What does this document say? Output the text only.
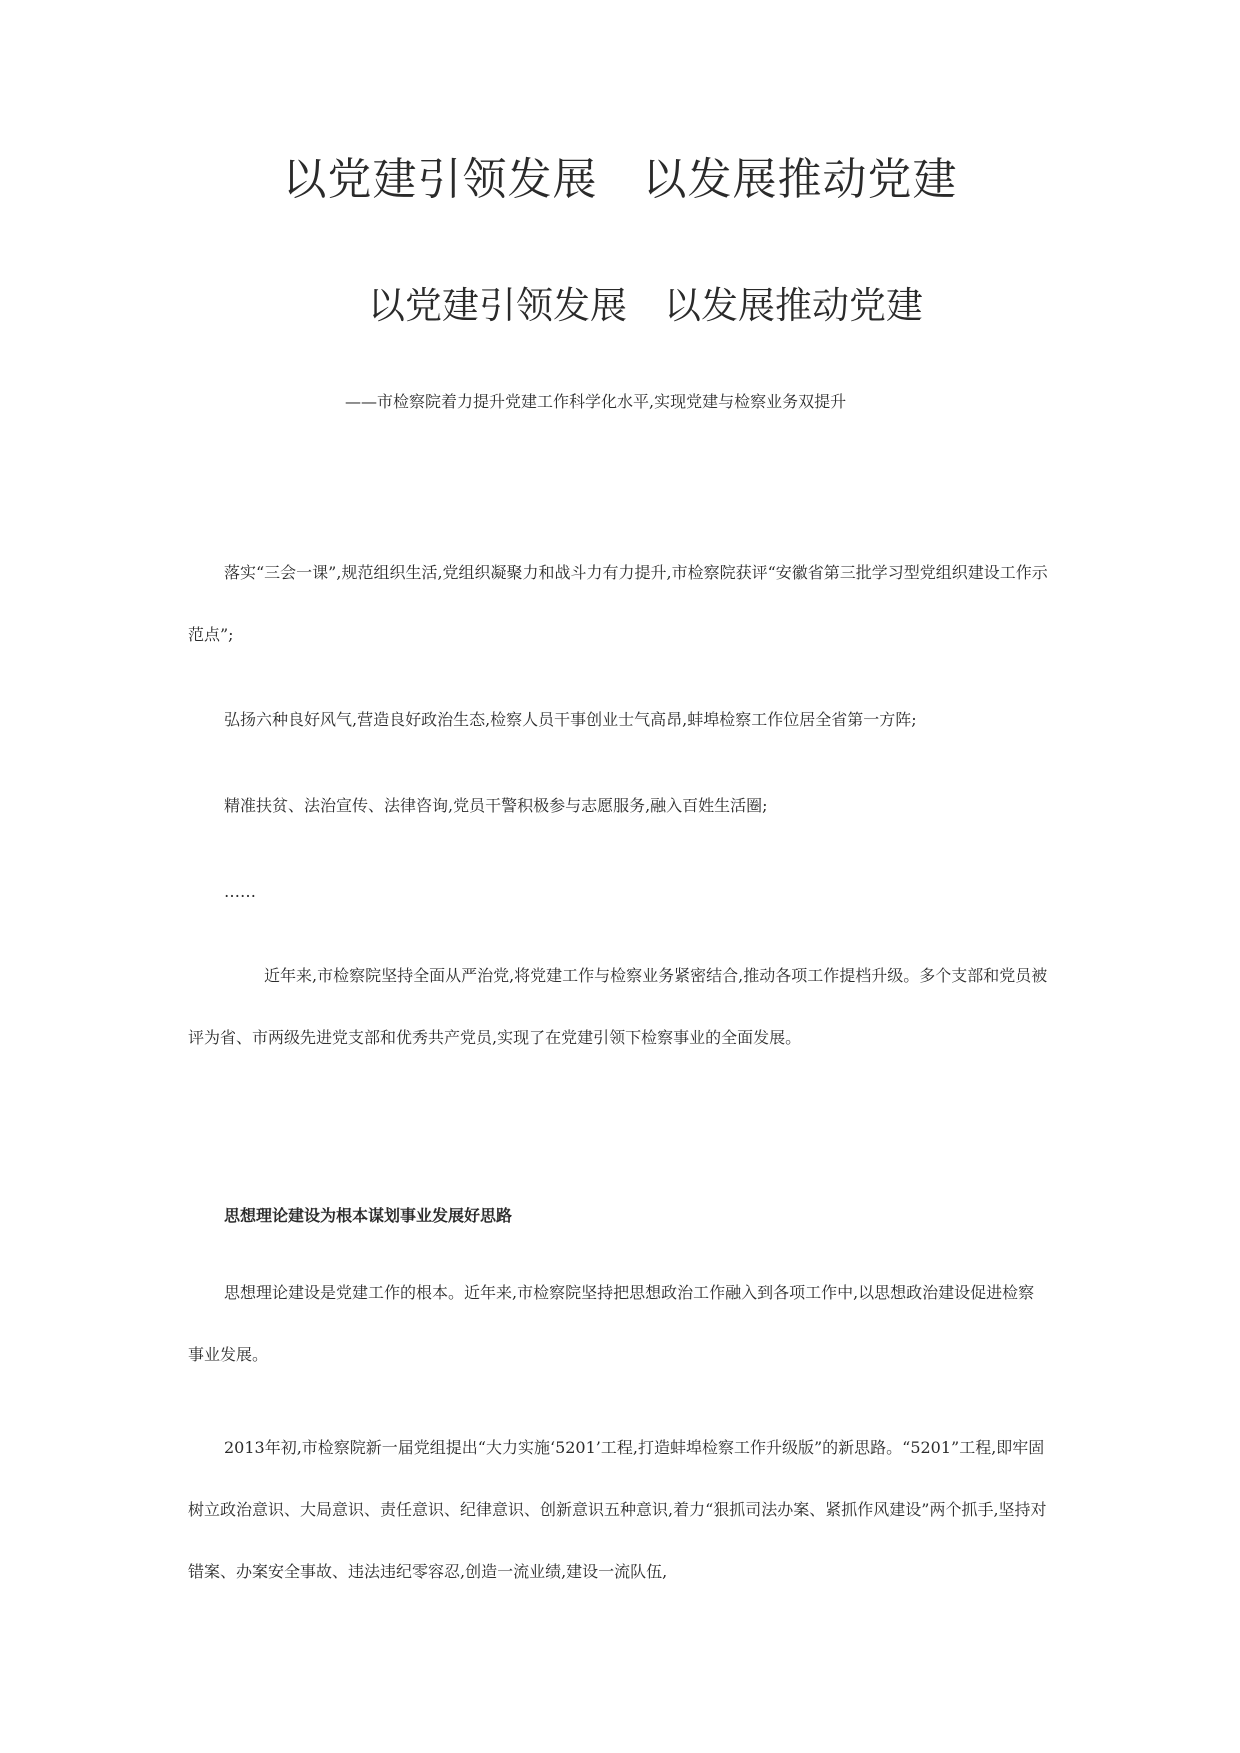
以党建引领发展　以发展推动党建
以党建引领发展　以发展推动党建
——市检察院着力提升党建工作科学化水平,实现党建与检察业务双提升

落实“三会一课”,规范组织生活,党组织凝聚力和战斗力有力提升,市检察院获评“安徽省第三批学习型党组织建设工作示范点”;

弘扬六种良好风气,营造良好政治生态,检察人员干事创业士气高昂,蚌埠检察工作位居全省第一方阵;
精准扶贫、法治宣传、法律咨询,党员干警积极参与志愿服务,融入百姓生活圈;
……

近年来,市检察院坚持全面从严治党,将党建工作与检察业务紧密结合,推动各项工作提档升级。多个支部和党员被评为省、市两级先进党支部和优秀共产党员,实现了在党建引领下检察事业的全面发展。

思想理论建设为根本谋划事业发展好思路

思想理论建设是党建工作的根本。近年来,市检察院坚持把思想政治工作融入到各项工作中,以思想政治建设促进检察事业发展。

2013年初,市检察院新一届党组提出“大力实施‘5201’工程,打造蚌埠检察工作升级版”的新思路。“5201”工程,即牢固树立政治意识、大局意识、责任意识、纪律意识、创新意识五种意识,着力“狠抓司法办案、紧抓作风建设”两个抓手,坚持对错案、办案安全事故、违法违纪零容忍,创造一流业绩,建设一流队伍,
